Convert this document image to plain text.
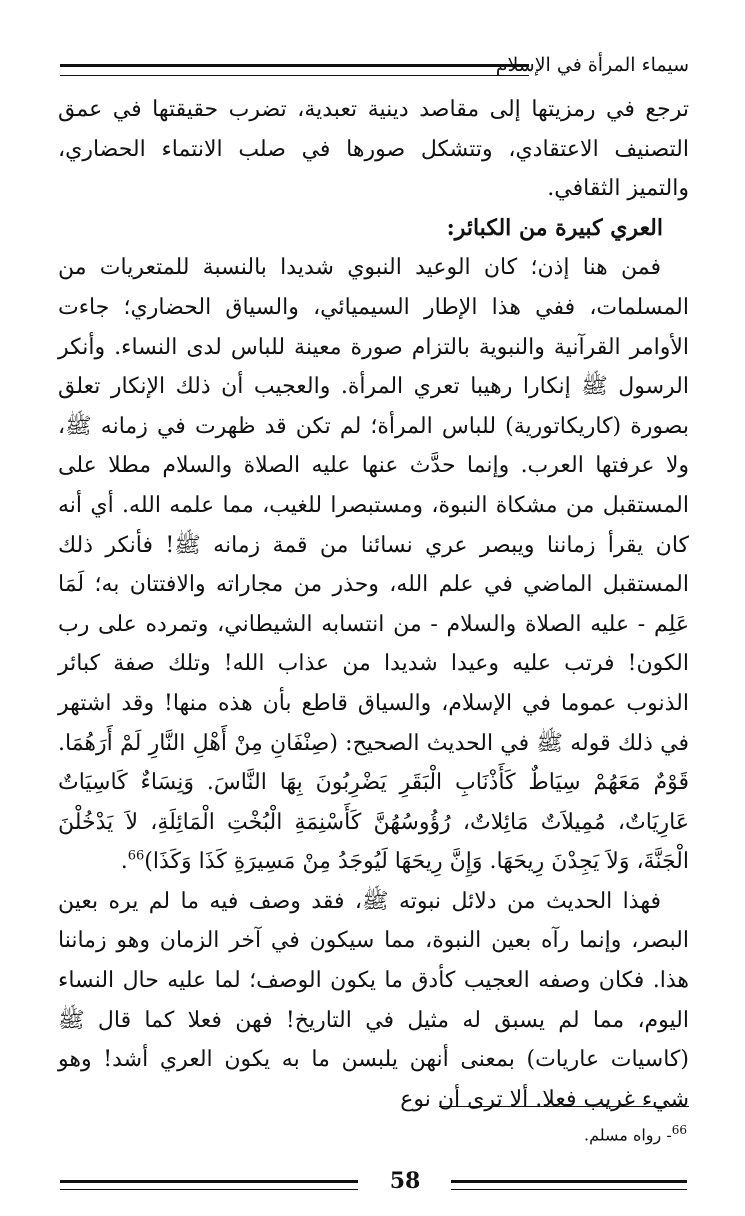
سيماء المرأة في الإسلام

ترجع في رمزيتها إلى مقاصد دينية تعبدية، تضرب حقيقتها في عمق التصنيف الاعتقادي، وتتشكل صورها في صلب الانتماء الحضاري، والتميز الثقافي.

العري كبيرة من الكبائر:

فمن هنا إذن؛ كان الوعيد النبوي شديدا بالنسبة للمتعريات من المسلمات، ففي هذا الإطار السيميائي، والسياق الحضاري؛ جاءت الأوامر القرآنية والنبوية بالتزام صورة معينة للباس لدى النساء. وأنكر الرسول ﷺ إنكارا رهيبا تعري المرأة. والعجيب أن ذلك الإنكار تعلق بصورة (كاريكاتورية) للباس المرأة؛ لم تكن قد ظهرت في زمانه ﷺ، ولا عرفتها العرب. وإنما حدَّث عنها عليه الصلاة والسلام مطلا على المستقبل من مشكاة النبوة، ومستبصرا للغيب، مما علمه الله. أي أنه كان يقرأ زماننا ويبصر عري نسائنا من قمة زمانه ﷺ! فأنكر ذلك المستقبل الماضي في علم الله، وحذر من مجاراته والافتتان به؛ لَمَا عَلِم - عليه الصلاة والسلام - من انتسابه الشيطاني، وتمرده على رب الكون! فرتب عليه وعيدا شديدا من عذاب الله! وتلك صفة كبائر الذنوب عموما في الإسلام، والسياق قاطع بأن هذه منها! وقد اشتهر في ذلك قوله ﷺ في الحديث الصحيح: (صِنْفَانِ مِنْ أَهْلِ النَّارِ لَمْ أَرَهُمَا. قَوْمٌ مَعَهُمْ سِيَاطٌ كَأَذْنَابِ الْبَقَرِ يَضْرِبُونَ بِهَا النَّاسَ. وَنِسَاءٌ كَاسِيَاتٌ عَارِيَاتٌ، مُمِيلاَتٌ مَائِلاتٌ، رُؤُوسُهُنَّ كَأَسْنِمَةِ الْبُخْتِ الْمَائِلَةِ، لاَ يَدْخُلْنَ الْجَنَّةَ، وَلاَ يَجِدْنَ رِيحَهَا. وَإِنَّ رِيحَهَا لَيُوجَدُ مِنْ مَسِيرَةِ كَذَا وَكَذَا)$^{66}$.

فهذا الحديث من دلائل نبوته ﷺ، فقد وصف فيه ما لم يره بعين البصر، وإنما رآه بعين النبوة، مما سيكون في آخر الزمان وهو زماننا هذا. فكان وصفه العجيب كأدق ما يكون الوصف؛ لما عليه حال النساء اليوم، مما لم يسبق له مثيل في التاريخ! فهن فعلا كما قال ﷺ (كاسيات عاريات) بمعنى أنهن يلبسن ما به يكون العري أشد! وهو شيء غريب فعلا. ألا ترى أن نوع

$^{66}$- رواه مسلم.
58
